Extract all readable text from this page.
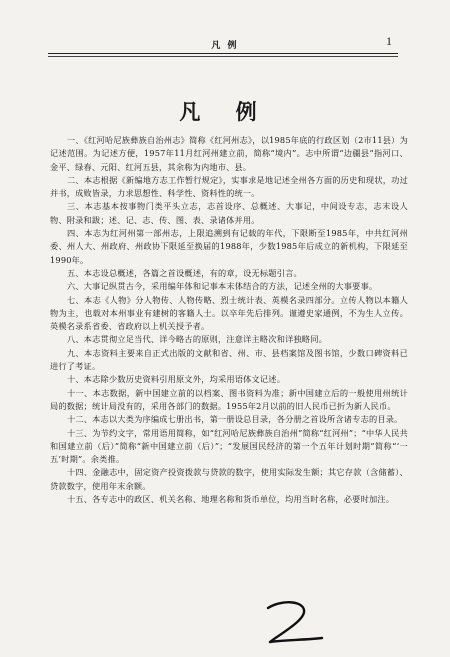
凡 例	1
凡 例

一、《红河哈尼族彝族自治州志》简称《红河州志》，以1985年底的行政区划（2市11县）为记述范围。为记述方便，1957年11月红河州建立前，简称“境内”。志中所谓“边疆县”指河口、金平、绿春、元阳、红河五县，其余称为内地市、县。

二、本志根据《新编地方志工作暂行规定》，实事求是地记述全州各方面的历史和现状，功过并书，成败皆录，力求思想性、科学性、资料性的统一。

三、本志基本按事物门类平头立志，志首设序、总概述、大事记，中间设专志，志末设人物、附录和跋；述、记、志、传、图、表、录诸体并用。

四、本志为红河州第一部州志，上限追溯到有记载的年代，下限断至1985年，中共红河州委、州人大、州政府、州政协下限延至换届的1988年，少数1985年后成立的新机构，下限延至1990年。

五、本志设总概述，各篇之首设概述，有的章，设无标题引言。

六、大事记纵贯古今，采用编年体和记事本末体结合的方法，记述全州的大事要事。

七、本志《人物》分人物传、人物传略、烈士统计表、英模名录四部分。立传人物以本籍人物为主，也载对本州事业有建树的客籍人士。以卒年先后排列。谨遵史家通例，不为生人立传。英模名录系省委、省政府以上机关授予者。

八、本志贯彻立足当代、详今略古的原则，注意详主略次和详独略同。

九、本志资料主要来自正式出版的文献和省、州、市、县档案馆及图书馆，少数口碑资料已进行了考证。

十、本志除少数历史资料引用原文外，均采用语体文记述。

十一、本志数据，新中国建立前的以档案、图书资料为准；新中国建立后的一般使用州统计局的数据；统计局没有的，采用各部门的数据。1955年2月以前的旧人民币已折为新人民币。

十二、本志以大类为序编成七册出书，第一册设总目录，各分册之首设所含诸专志的目录。

十三、为节约文字，常用语用简称，如“红河哈尼族彝族自治州”简称“红河州”；“中华人民共和国建立前（后）”简称“新中国建立前（后）”；“发展国民经济的第一个五年计划时期”简称“‘一五’时期”。余类推。

十四、金融志中，固定资产投资拨款与贷款的数字，使用实际发生额；其它存款（含储蓄）、贷款数字，使用年末余额。

十五、各专志中的政区、机关名称、地理名称和货币单位，均用当时名称，必要时加注。
